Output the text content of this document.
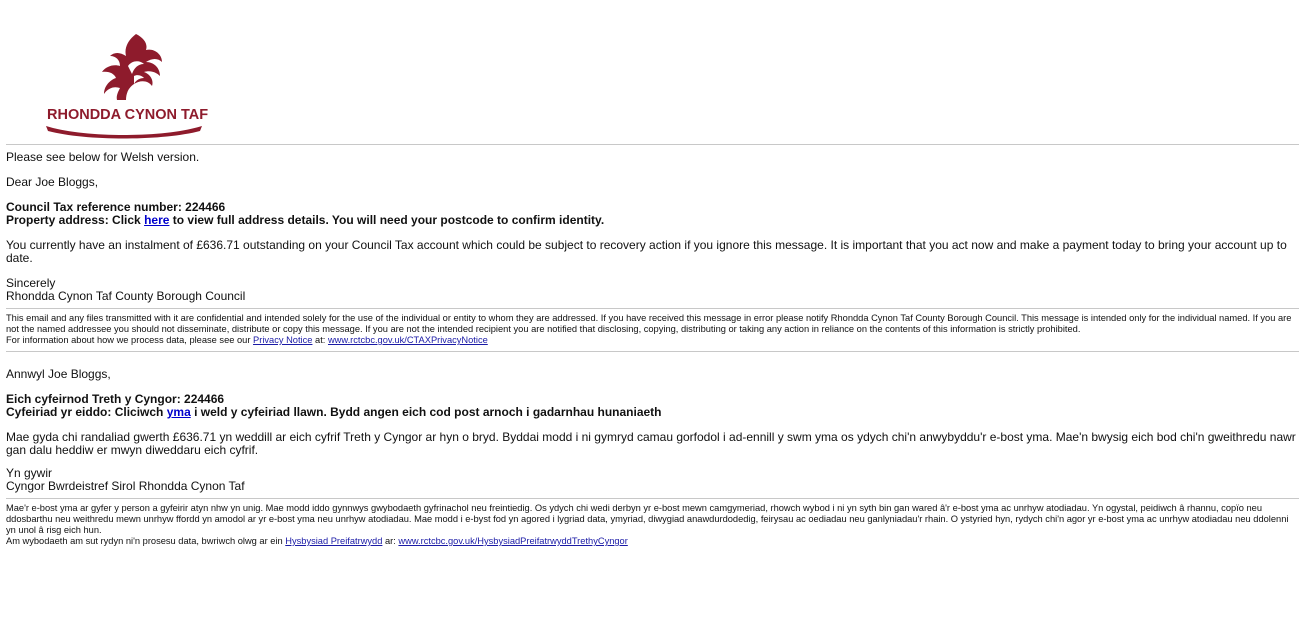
RHONDDA CYNON TAF

Please see below for Welsh version.

Dear Joe Bloggs,

Council Tax reference number: 224466

Property address: Click here to view full address details. You will need your postcode to confirm identity.

You currently have an instalment of £636.71 outstanding on your Council Tax account which could be subject to recovery action if you ignore this message. It is important that you act now and make a payment today to bring your account up to date.

Sincerely

Rhondda Cynon Taf County Borough Council

This email and any files transmitted with it are confidential and intended solely for the use of the individual or entity to whom they are addressed. If you have received this message in error please notify Rhondda Cynon Taf County Borough Council. This message is intended only for the individual named. If you are not the named addressee you should not disseminate, distribute or copy this message. If you are not the intended recipient you are notified that disclosing, copying, distributing or taking any action in reliance on the contents of this information is strictly prohibited.

For information about how we process data, please see our Privacy Notice at: www.rctcbc.gov.uk/CTAXPrivacyNotice

Annwyl Joe Bloggs,

Eich cyfeirnod Treth y Cyngor: 224466

Cyfeiriad yr eiddo: Cliciwch yma i weld y cyfeiriad llawn. Bydd angen eich cod post arnoch i gadarnhau hunaniaeth

Mae gyda chi randaliad gwerth £636.71 yn weddill ar eich cyfrif Treth y Cyngor ar hyn o bryd. Byddai modd i ni gymryd camau gorfodol i ad-ennill y swm yma os ydych chi'n anwybyddu'r e-bost yma. Mae'n bwysig eich bod chi'n gweithredu nawr gan dalu heddiw er mwyn diweddaru eich cyfrif.

Yn gywir

Cyngor Bwrdeistref Sirol Rhondda Cynon Taf

Mae'r e-bost yma ar gyfer y person a gyfeirir atyn nhw yn unig. Mae modd iddo gynnwys gwybodaeth gyfrinachol neu freintiedig. Os ydych chi wedi derbyn yr e-bost mewn camgymeriad, rhowch wybod i ni yn syth bin gan wared â'r e-bost yma ac unrhyw atodiadau. Yn ogystal, peidiwch â rhannu, copïo neu ddosbarthu neu weithredu mewn unrhyw ffordd yn amodol ar yr e-bost yma neu unrhyw atodiadau. Mae modd i e-byst fod yn agored i lygriad data, ymyriad, diwygiad anawdurdodedig, feirysau ac oediadau neu ganlyniadau'r rhain. O ystyried hyn, rydych chi'n agor yr e-bost yma ac unrhyw atodiadau neu ddolenni yn unol â risg eich hun.

Am wybodaeth am sut rydyn ni'n prosesu data, bwriwch olwg ar ein Hysbysiad Preifatrwydd ar: www.rctcbc.gov.uk/HysbysiadPreifatrwyddTrethyCyngor
